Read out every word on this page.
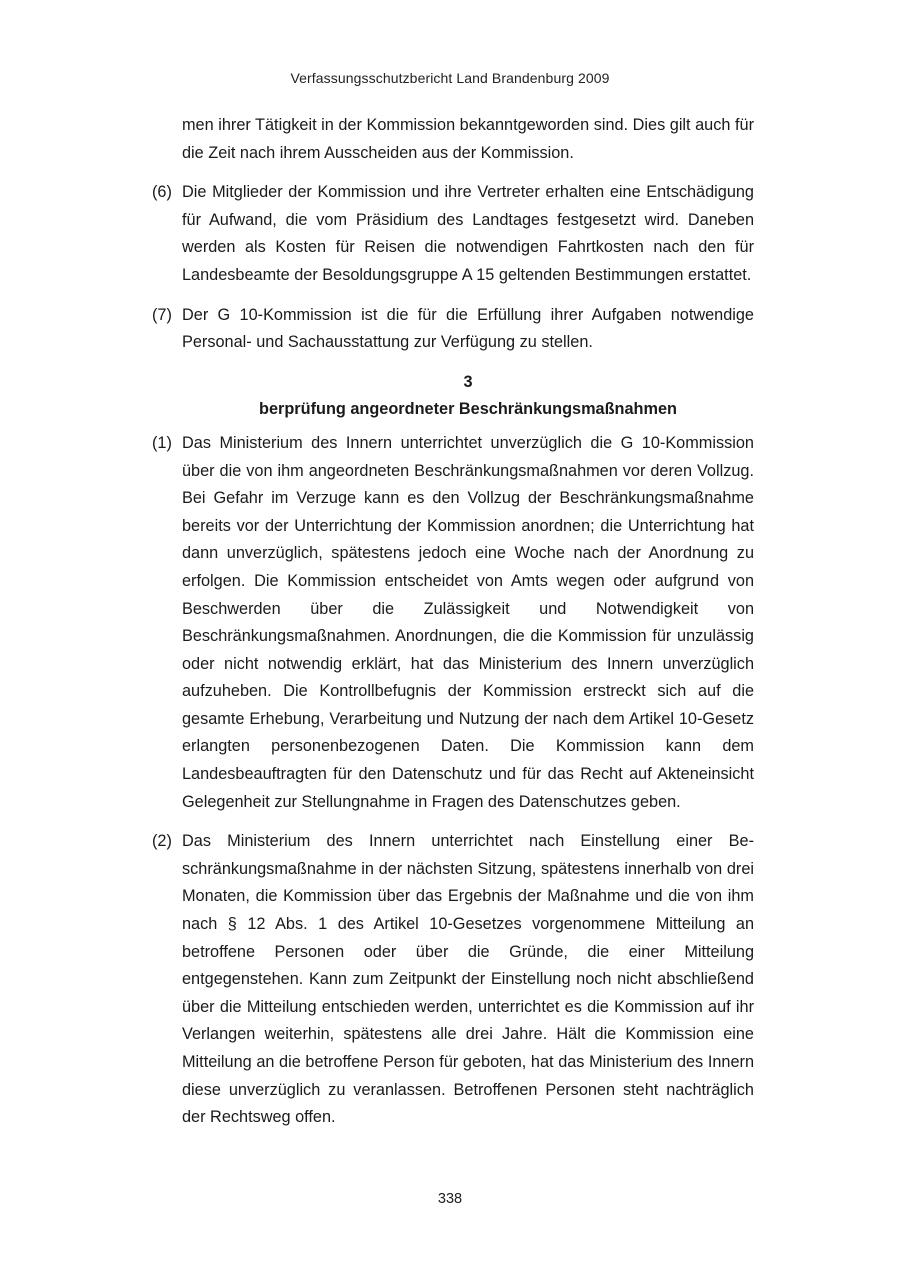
Verfassungsschutzbericht Land Brandenburg 2009

men ihrer Tätigkeit in der Kommission bekanntgeworden sind. Dies gilt auch für die Zeit nach ihrem Ausscheiden aus der Kommission.

(6) Die Mitglieder der Kommission und ihre Vertreter erhalten eine Entschädigung für Aufwand, die vom Präsidium des Landtages festgesetzt wird. Daneben werden als Kosten für Reisen die notwendigen Fahrtkosten nach den für Landesbeamte der Besoldungsgruppe A 15 geltenden Bestimmungen erstattet.
(7) Der G 10-Kommission ist die für die Erfüllung ihrer Aufgaben notwendige Personal- und Sachausstattung zur Verfügung zu stellen.
3
berprüfung angeordneter Beschränkungsmaßnahmen
(1) Das Ministerium des Innern unterrichtet unverzüglich die G 10-Kommission über die von ihm angeordneten Beschränkungsmaßnahmen vor deren Vollzug. Bei Gefahr im Verzuge kann es den Vollzug der Beschränkungsmaßnahme bereits vor der Unterrichtung der Kommission anordnen; die Unterrichtung hat dann unverzüglich, spätestens jedoch eine Woche nach der Anordnung zu erfolgen. Die Kommission entscheidet von Amts wegen oder aufgrund von Beschwerden über die Zulässigkeit und Notwendigkeit von Beschränkungsmaßnahmen. Anordnungen, die die Kommission für unzulässig oder nicht notwendig erklärt, hat das Ministerium des Innern unverzüglich aufzuheben. Die Kontrollbefugnis der Kommission erstreckt sich auf die gesamte Erhebung, Verarbeitung und Nutzung der nach dem Artikel 10-Gesetz erlangten personenbezogenen Daten. Die Kommission kann dem Landesbeauftragten für den Datenschutz und für das Recht auf Akteneinsicht Gelegenheit zur Stellungnahme in Fragen des Datenschutzes geben.
(2) Das Ministerium des Innern unterrichtet nach Einstellung einer Beschränkungsmaßnahme in der nächsten Sitzung, spätestens innerhalb von drei Monaten, die Kommission über das Ergebnis der Maßnahme und die von ihm nach § 12 Abs. 1 des Artikel 10-Gesetzes vorgenommene Mitteilung an betroffene Personen oder über die Gründe, die einer Mitteilung entgegenstehen. Kann zum Zeitpunkt der Einstellung noch nicht abschließend über die Mitteilung entschieden werden, unterrichtet es die Kommission auf ihr Verlangen weiterhin, spätestens alle drei Jahre. Hält die Kommission eine Mitteilung an die betroffene Person für geboten, hat das Ministerium des Innern diese unverzüglich zu veranlassen. Betroffenen Personen steht nachträglich der Rechtsweg offen.
338
